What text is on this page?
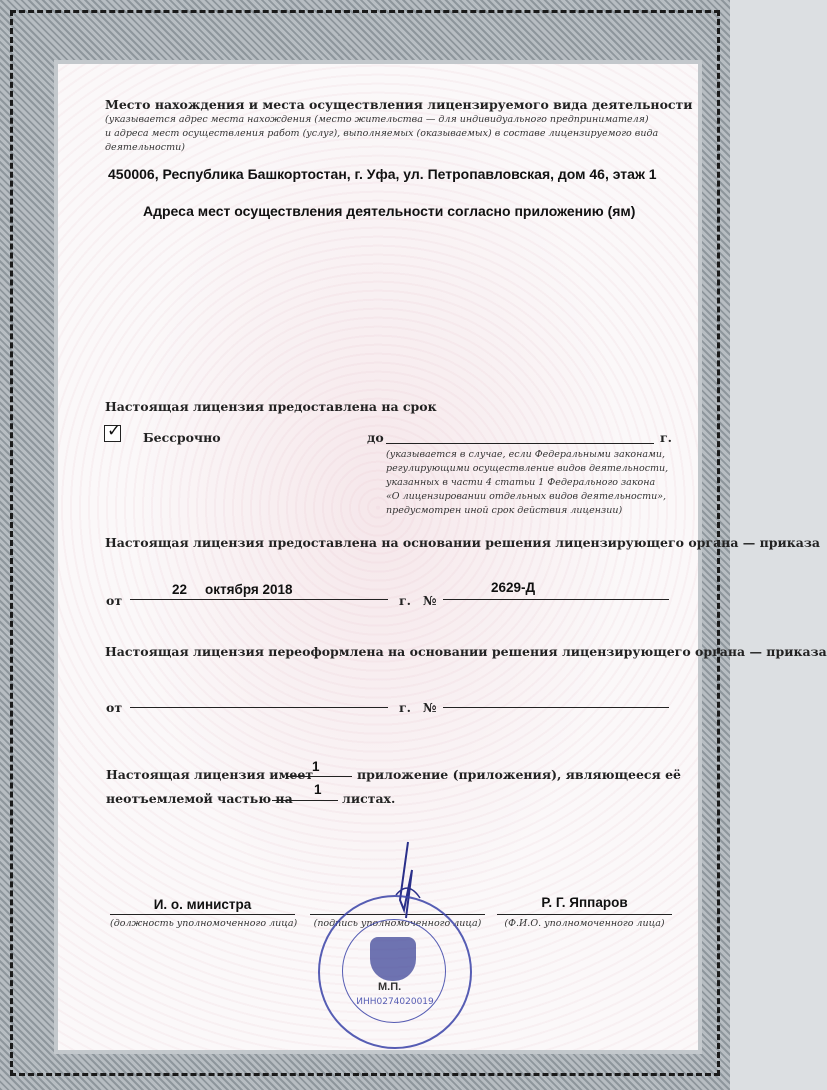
Место нахождения и места осуществления лицензируемого вида деятельности
(указывается адрес места нахождения (место жительства — для индивидуального предпринимателя)
и адреса мест осуществления работ (услуг), выполняемых (оказываемых) в составе лицензируемого вида
деятельности)
450006, Республика Башкортостан, г. Уфа, ул. Петропавловская, дом 46, этаж 1
Адреса мест осуществления деятельности согласно приложению (ям)
Настоящая лицензия предоставлена на срок
✓ Бессрочно	до	г.
(указывается в случае, если Федеральными законами,
регулирующими осуществление видов деятельности,
указанных в части 4 статьи 1 Федерального закона
«О лицензировании отдельных видов деятельности»,
предусмотрен иной срок действия лицензии)
Настоящая лицензия предоставлена на основании решения лицензирующего органа — приказа
от
22 октября 2018
г. №
2629-Д
Настоящая лицензия переоформлена на основании решения лицензирующего органа — приказа
от	г. №
Настоящая лицензия имеет
1
приложение (приложения), являющееся её
неотъемлемой частью на
1
листах.
И. о. министра
(должность уполномоченного лица)	(подпись уполномоченного лица)
Р. Г. Яппаров
(Ф.И.О. уполномоченного лица)
ИНН0274020019
М.П.
